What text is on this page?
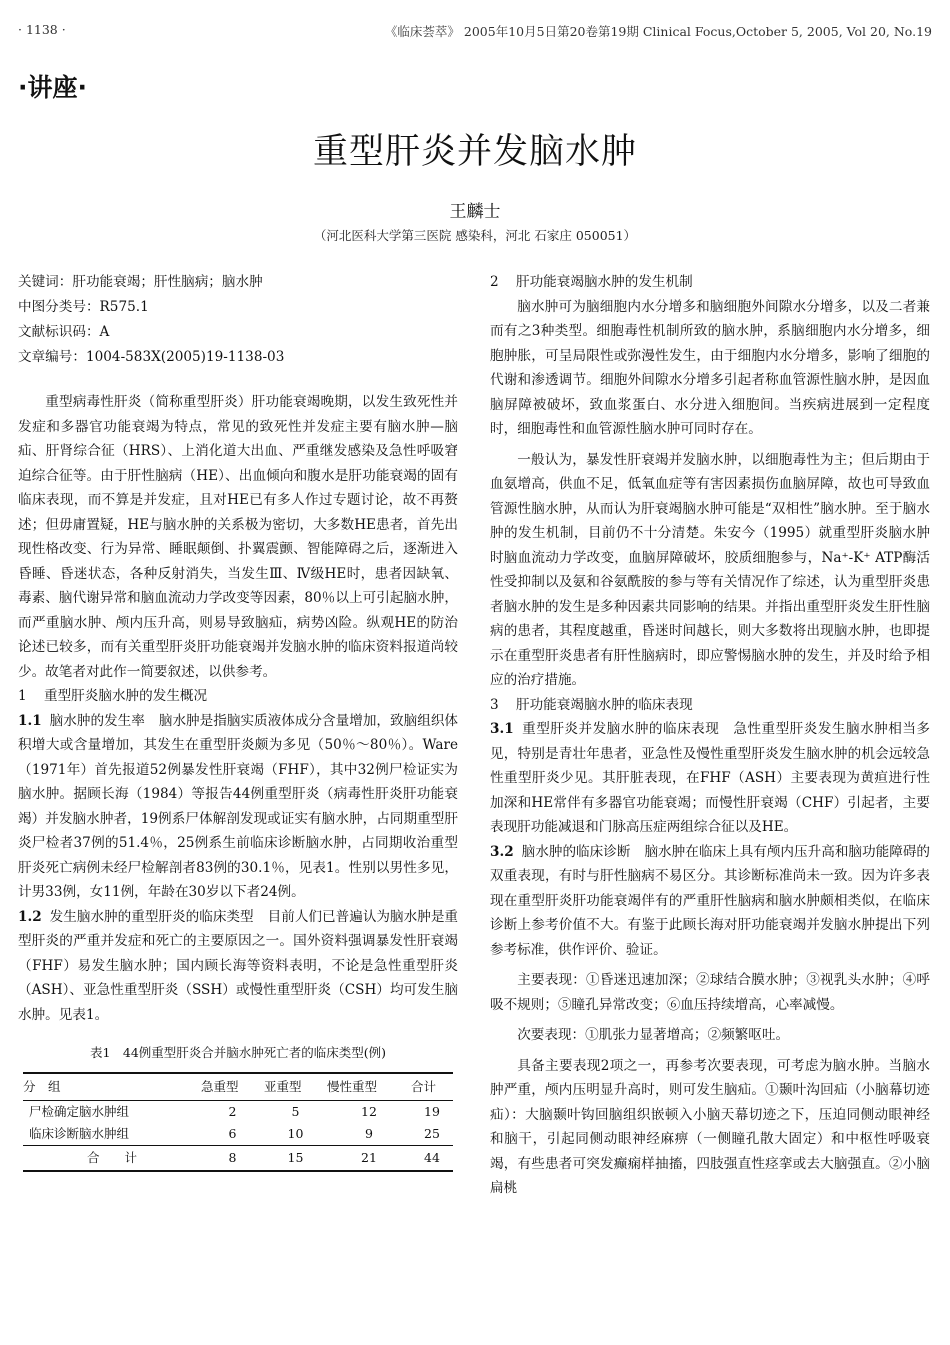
· 1138 ·	《临床荟萃》 2005年10月5日第20卷第19期 Clinical Focus,October 5, 2005, Vol 20, No.19
·讲座·
重型肝炎并发脑水肿
王麟士
（河北医科大学第三医院 感染科，河北 石家庄 050051）

关键词：肝功能衰竭；肝性脑病；脑水肿

中图分类号：R575.1

文献标识码：A

文章编号：1004-583X(2005)19-1138-03

重型病毒性肝炎（简称重型肝炎）肝功能衰竭晚期，以发生致死性并发症和多器官功能衰竭为特点，常见的致死性并发症主要有脑水肿—脑疝、肝肾综合征（HRS）、上消化道大出血、严重继发感染及急性呼吸窘迫综合征等。由于肝性脑病（HE）、出血倾向和腹水是肝功能衰竭的固有临床表现，而不算是并发症，且对HE已有多人作过专题讨论，故不再赘述；但毋庸置疑，HE与脑水肿的关系极为密切，大多数HE患者，首先出现性格改变、行为异常、睡眠颠倒、扑翼震颤、智能障碍之后，逐渐进入昏睡、昏迷状态，各种反射消失，当发生Ⅲ、Ⅳ级HE时，患者因缺氧、毒素、脑代谢异常和脑血流动力学改变等因素，80％以上可引起脑水肿，而严重脑水肿、颅内压升高，则易导致脑疝，病势凶险。纵观HE的防治论述已较多，而有关重型肝炎肝功能衰竭并发脑水肿的临床资料报道尚较少。故笔者对此作一简要叙述，以供参考。

1 重型肝炎脑水肿的发生概况

1.1 脑水肿的发生率 脑水肿是指脑实质液体成分含量增加，致脑组织体积增大或含量增加，其发生在重型肝炎颇为多见（50％～80％）。Ware（1971年）首先报道52例暴发性肝衰竭（FHF），其中32例尸检证实为脑水肿。据顾长海（1984）等报告44例重型肝炎（病毒性肝炎肝功能衰竭）并发脑水肿者，19例系尸体解剖发现或证实有脑水肿，占同期重型肝炎尸检者37例的51.4％，25例系生前临床诊断脑水肿，占同期收治重型肝炎死亡病例未经尸检解剖者83例的30.1％，见表1。性别以男性多见，计男33例，女11例，年龄在30岁以下者24例。

1.2 发生脑水肿的重型肝炎的临床类型 目前人们已普遍认为脑水肿是重型肝炎的严重并发症和死亡的主要原因之一。国外资料强调暴发性肝衰竭（FHF）易发生脑水肿；国内顾长海等资料表明，不论是急性重型肝炎（ASH）、亚急性重型肝炎（SSH）或慢性重型肝炎（CSH）均可发生脑水肿。见表1。

表1　44例重型肝炎合并脑水肿死亡者的临床类型(例)
分　组	急重型	亚重型	慢性重型	合计
尸检确定脑水肿组	2	5	12	19
临床诊断脑水肿组	6	10	9	25
合　　计	8	15	21	44

2 肝功能衰竭脑水肿的发生机制

脑水肿可为脑细胞内水分增多和脑细胞外间隙水分增多，以及二者兼而有之3种类型。细胞毒性机制所致的脑水肿，系脑细胞内水分增多，细胞肿胀，可呈局限性或弥漫性发生，由于细胞内水分增多，影响了细胞的代谢和渗透调节。细胞外间隙水分增多引起者称血管源性脑水肿，是因血脑屏障被破坏，致血浆蛋白、水分进入细胞间。当疾病进展到一定程度时，细胞毒性和血管源性脑水肿可同时存在。

一般认为，暴发性肝衰竭并发脑水肿，以细胞毒性为主；但后期由于血氨增高，供血不足，低氧血症等有害因素损伤血脑屏障，故也可导致血管源性脑水肿，从而认为肝衰竭脑水肿可能是“双相性”脑水肿。至于脑水肿的发生机制，目前仍不十分清楚。朱安今（1995）就重型肝炎脑水肿时脑血流动力学改变，血脑屏障破坏，胶质细胞参与，Na⁺-K⁺ ATP酶活性受抑制以及氨和谷氨酰胺的参与等有关情况作了综述，认为重型肝炎患者脑水肿的发生是多种因素共同影响的结果。并指出重型肝炎发生肝性脑病的患者，其程度越重，昏迷时间越长，则大多数将出现脑水肿，也即提示在重型肝炎患者有肝性脑病时，即应警惕脑水肿的发生，并及时给予相应的治疗措施。

3 肝功能衰竭脑水肿的临床表现

3.1 重型肝炎并发脑水肿的临床表现 急性重型肝炎发生脑水肿相当多见，特别是青壮年患者，亚急性及慢性重型肝炎发生脑水肿的机会远较急性重型肝炎少见。其肝脏表现，在FHF（ASH）主要表现为黄疸进行性加深和HE常伴有多器官功能衰竭；而慢性肝衰竭（CHF）引起者，主要表现肝功能减退和门脉高压症两组综合征以及HE。

3.2 脑水肿的临床诊断 脑水肿在临床上具有颅内压升高和脑功能障碍的双重表现，有时与肝性脑病不易区分。其诊断标准尚未一致。因为许多表现在重型肝炎肝功能衰竭伴有的严重肝性脑病和脑水肿颇相类似，在临床诊断上参考价值不大。有鉴于此顾长海对肝功能衰竭并发脑水肿提出下列参考标准，供作评价、验证。

主要表现：①昏迷迅速加深；②球结合膜水肿；③视乳头水肿；④呼吸不规则；⑤瞳孔异常改变；⑥血压持续增高，心率减慢。

次要表现：①肌张力显著增高；②频繁呕吐。

具备主要表现2项之一，再参考次要表现，可考虑为脑水肿。当脑水肿严重，颅内压明显升高时，则可发生脑疝。①颞叶沟回疝（小脑幕切迹疝）：大脑颞叶钩回脑组织嵌顿入小脑天幕切迹之下，压迫同侧动眼神经和脑干，引起同侧动眼神经麻痹（一侧瞳孔散大固定）和中枢性呼吸衰竭，有些患者可突发癫痫样抽搐，四肢强直性痉挛或去大脑强直。②小脑扁桃
